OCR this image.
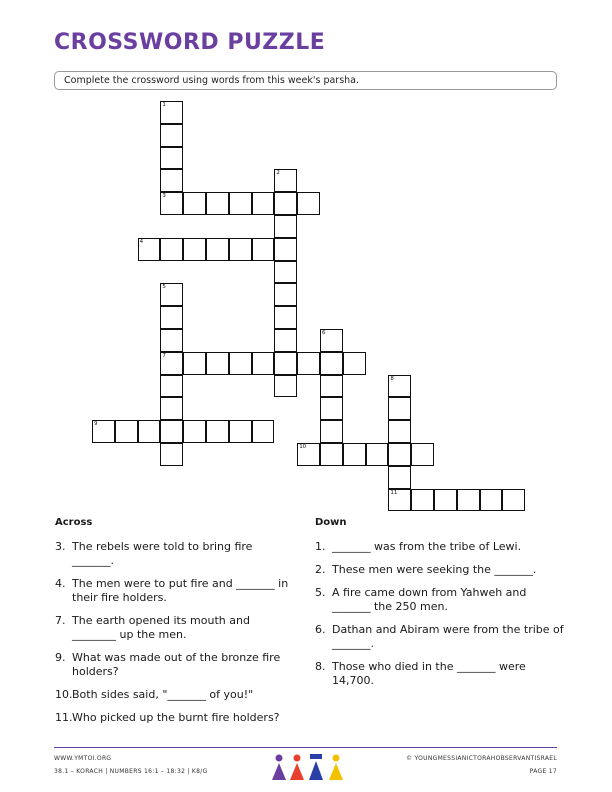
CROSSWORD PUZZLE
Complete the crossword using words from this week's parsha.
1
3
2
4
5
7
6
8
11
9
10
Across
3. The rebels were told to bring fire _______.
4. The men were to put fire and _______ in their fire holders.
7. The earth opened its mouth and ________ up the men.
9. What was made out of the bronze fire holders?
10. Both sides said, "_______ of you!"
11. Who picked up the burnt fire holders?
Down
1. _______ was from the tribe of Lewi.
2. These men were seeking the _______.
5. A fire came down from Yahweh and _______ the 250 men.
6. Dathan and Abiram were from the tribe of _______.
8. Those who died in the _______ were 14,700.
WWW.YMTOI.ORG
38.1 – KORACH | NUMBERS 16:1 – 18:32 | K8/G
© YOUNGMESSIANICTORAHOBSERVANTISRAEL
PAGE 17
